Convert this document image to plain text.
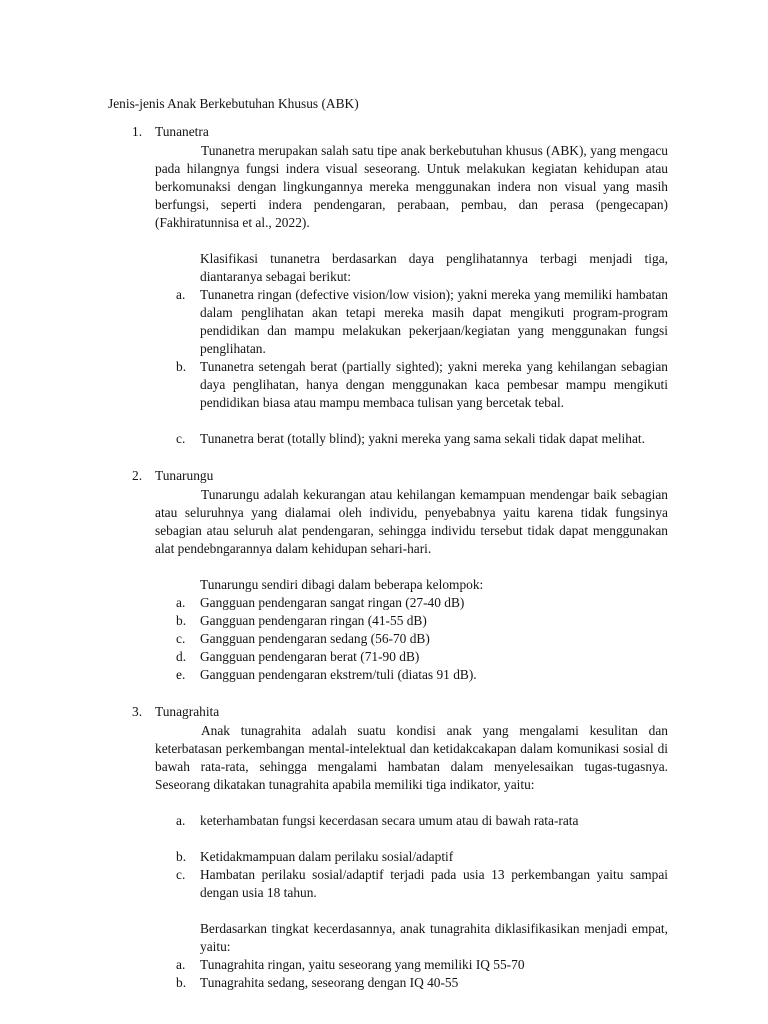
Jenis-jenis Anak Berkebutuhan Khusus (ABK)
1. Tunanetra
Tunanetra merupakan salah satu tipe anak berkebutuhan khusus (ABK), yang mengacu pada hilangnya fungsi indera visual seseorang. Untuk melakukan kegiatan kehidupan atau berkomunaksi dengan lingkungannya mereka menggunakan indera non visual yang masih berfungsi, seperti indera pendengaran, perabaan, pembau, dan perasa (pengecapan) (Fakhiratunnisa et al., 2022).
Klasifikasi tunanetra berdasarkan daya penglihatannya terbagi menjadi tiga, diantaranya sebagai berikut:
a.	Tunanetra ringan (defective vision/low vision); yakni mereka yang memiliki hambatan dalam penglihatan akan tetapi mereka masih dapat mengikuti program-program pendidikan dan mampu melakukan pekerjaan/kegiatan yang menggunakan fungsi penglihatan.
b.	Tunanetra setengah berat (partially sighted); yakni mereka yang kehilangan sebagian daya penglihatan, hanya dengan menggunakan kaca pembesar mampu mengikuti pendidikan biasa atau mampu membaca tulisan yang bercetak tebal.
c.	Tunanetra berat (totally blind); yakni mereka yang sama sekali tidak dapat melihat.
2. Tunarungu
Tunarungu adalah kekurangan atau kehilangan kemampuan mendengar baik sebagian atau seluruhnya yang dialamai oleh individu, penyebabnya yaitu karena tidak fungsinya sebagian atau seluruh alat pendengaran, sehingga individu tersebut tidak dapat menggunakan alat pendebngarannya dalam kehidupan sehari-hari.
Tunarungu sendiri dibagi dalam beberapa kelompok:
a.	Gangguan pendengaran sangat ringan (27-40 dB)
b.	Gangguan pendengaran ringan (41-55 dB)
c.	Gangguan pendengaran sedang (56-70 dB)
d.	Gangguan pendengaran berat (71-90 dB)
e.	Gangguan pendengaran ekstrem/tuli (diatas 91 dB).
3. Tunagrahita
Anak tunagrahita adalah suatu kondisi anak yang mengalami kesulitan dan keterbatasan perkembangan mental-intelektual dan ketidakcakapan dalam komunikasi sosial di bawah rata-rata, sehingga mengalami hambatan dalam menyelesaikan tugas-tugasnya. Seseorang dikatakan tunagrahita apabila memiliki tiga indikator, yaitu:
a.	keterhambatan fungsi kecerdasan secara umum atau di bawah rata-rata
b.	Ketidakmampuan dalam perilaku sosial/adaptif
c.	Hambatan perilaku sosial/adaptif terjadi pada usia 13 perkembangan yaitu sampai dengan usia 18 tahun.
Berdasarkan tingkat kecerdasannya, anak tunagrahita diklasifikasikan menjadi empat, yaitu:
a.	Tunagrahita ringan, yaitu seseorang yang memiliki IQ 55-70
b.	Tunagrahita sedang, seseorang dengan IQ 40-55
